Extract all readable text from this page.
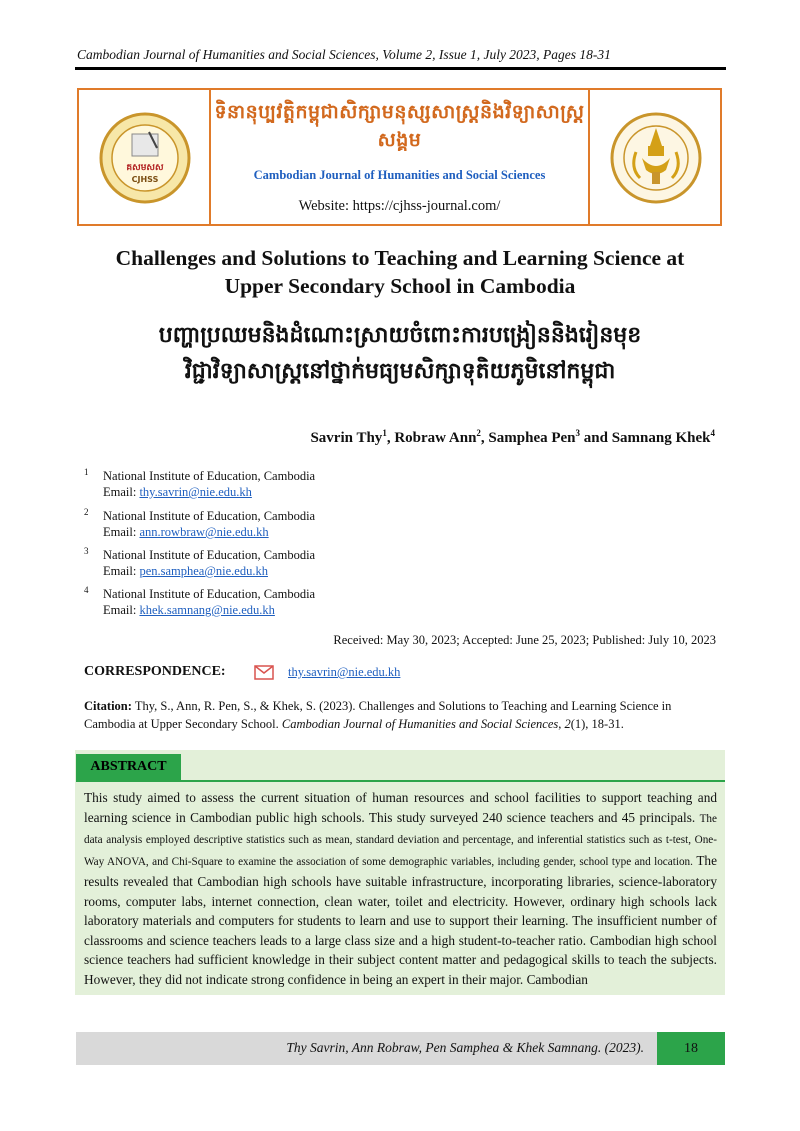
Cambodian Journal of Humanities and Social Sciences, Volume 2, Issue 1, July 2023, Pages 18-31
គសមសស
CJHSS
ទិនានុប្បវត្តិកម្ពុជាសិក្សាមនុស្សសាស្ត្រនិងវិទ្យាសាស្ត្រសង្គម
Cambodian Journal of Humanities and Social Sciences
Website: https://cjhss-journal.com/
Challenges and Solutions to Teaching and Learning Science at
Upper Secondary School in Cambodia
បញ្ហាប្រឈមនិងដំណោះស្រាយចំពោះការបង្រៀននិងរៀនមុខ
វិជ្ជាវិទ្យាសាស្ត្រនៅថ្នាក់មធ្យមសិក្សាទុតិយភូមិនៅកម្ពុជា
Savrin Thy$^1$, Robraw Ann$^2$, Samphea Pen$^3$ and Samnang Khek$^4$
1 National Institute of Education, Cambodia
Email: thy.savrin@nie.edu.kh
2 National Institute of Education, Cambodia
Email: ann.rowbraw@nie.edu.kh
3 National Institute of Education, Cambodia
Email: pen.samphea@nie.edu.kh
4 National Institute of Education, Cambodia
Email: khek.samnang@nie.edu.kh
Received: May 30, 2023; Accepted: June 25, 2023; Published: July 10, 2023
CORRESPONDENCE:	thy.savrin@nie.edu.kh
Citation: Thy, S., Ann, R. Pen, S., & Khek, S. (2023). Challenges and Solutions to Teaching and Learning Science in Cambodia at Upper Secondary School. Cambodian Journal of Humanities and Social Sciences, 2(1), 18-31.
ABSTRACT
This study aimed to assess the current situation of human resources and school facilities to support teaching and learning science in Cambodian public high schools. This study surveyed 240 science teachers and 45 principals. The data analysis employed descriptive statistics such as mean, standard deviation and percentage, and inferential statistics such as t-test, One-Way ANOVA, and Chi-Square to examine the association of some demographic variables, including gender, school type and location. The results revealed that Cambodian high schools have suitable infrastructure, incorporating libraries, science-laboratory rooms, computer labs, internet connection, clean water, toilet and electricity. However, ordinary high schools lack laboratory materials and computers for students to learn and use to support their learning. The insufficient number of classrooms and science teachers leads to a large class size and a high student-to-teacher ratio. Cambodian high school science teachers had sufficient knowledge in their subject content matter and pedagogical skills to teach the subjects. However, they did not indicate strong confidence in being an expert in their major. Cambodian
Thy Savrin, Ann Robraw, Pen Samphea & Khek Samnang. (2023).	18
